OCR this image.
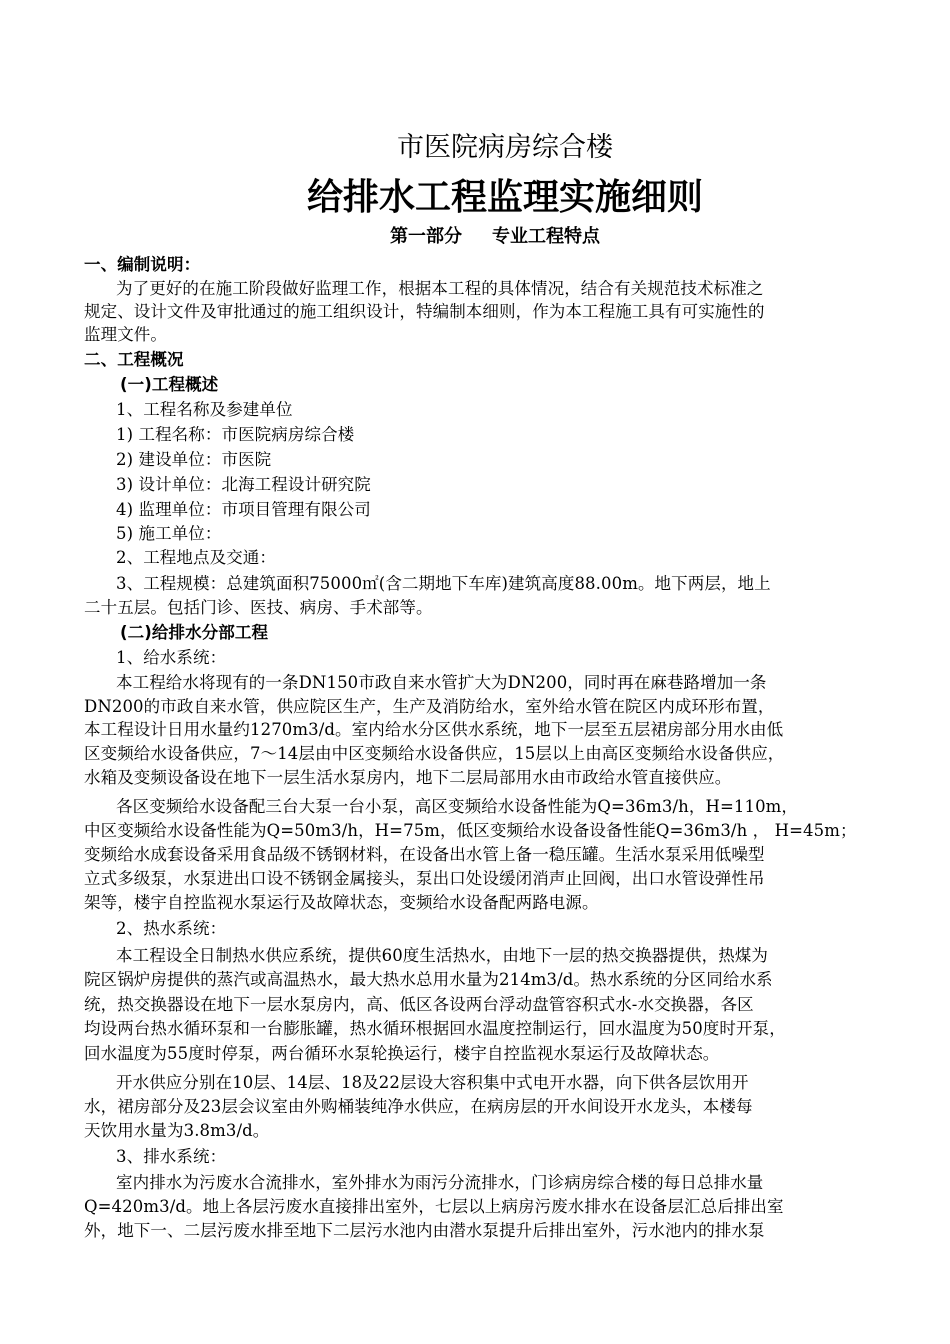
市医院病房综合楼
给排水工程监理实施细则
第一部分 专业工程特点
一、编制说明：
为了更好的在施工阶段做好监理工作，根据本工程的具体情况，结合有关规范技术标准之
规定、设计文件及审批通过的施工组织设计，特编制本细则，作为本工程施工具有可实施性的
监理文件。
二、工程概况
(一)工程概述
1、工程名称及参建单位
1) 工程名称：市医院病房综合楼
2) 建设单位：市医院
3) 设计单位：北海工程设计研究院
4) 监理单位：市项目管理有限公司
5) 施工单位：
2、工程地点及交通：
3、工程规模：总建筑面积75000㎡(含二期地下车库)建筑高度88.00m。地下两层，地上
二十五层。包括门诊、医技、病房、手术部等。
(二)给排水分部工程
1、给水系统：
本工程给水将现有的一条DN150市政自来水管扩大为DN200，同时再在麻巷路增加一条
DN200的市政自来水管，供应院区生产，生产及消防给水，室外给水管在院区内成环形布置，
本工程设计日用水量约1270m3/d。室内给水分区供水系统，地下一层至五层裙房部分用水由低
区变频给水设备供应，7～14层由中区变频给水设备供应，15层以上由高区变频给水设备供应，
水箱及变频设备设在地下一层生活水泵房内，地下二层局部用水由市政给水管直接供应。
各区变频给水设备配三台大泵一台小泵，高区变频给水设备性能为Q=36m3/h，H=110m，
中区变频给水设备性能为Q=50m3/h，H=75m，低区变频给水设备设备性能Q=36m3/h ， H=45m；
变频给水成套设备采用食品级不锈钢材料，在设备出水管上备一稳压罐。生活水泵采用低噪型
立式多级泵，水泵进出口设不锈钢金属接头，泵出口处设缓闭消声止回阀，出口水管设弹性吊
架等，楼宇自控监视水泵运行及故障状态，变频给水设备配两路电源。
2、热水系统：
本工程设全日制热水供应系统，提供60度生活热水，由地下一层的热交换器提供，热煤为
院区锅炉房提供的蒸汽或高温热水，最大热水总用水量为214m3/d。热水系统的分区同给水系
统，热交换器设在地下一层水泵房内，高、低区各设两台浮动盘管容积式水-水交换器，各区
均设两台热水循环泵和一台膨胀罐，热水循环根据回水温度控制运行，回水温度为50度时开泵，
回水温度为55度时停泵，两台循环水泵轮换运行，楼宇自控监视水泵运行及故障状态。
开水供应分别在10层、14层、18及22层设大容积集中式电开水器，向下供各层饮用开
水，裙房部分及23层会议室由外购桶装纯净水供应，在病房层的开水间设开水龙头，本楼每
天饮用水量为3.8m3/d。
3、排水系统：
室内排水为污废水合流排水，室外排水为雨污分流排水，门诊病房综合楼的每日总排水量
Q=420m3/d。地上各层污废水直接排出室外，七层以上病房污废水排水在设备层汇总后排出室
外，地下一、二层污废水排至地下二层污水池内由潜水泵提升后排出室外，污水池内的排水泵
